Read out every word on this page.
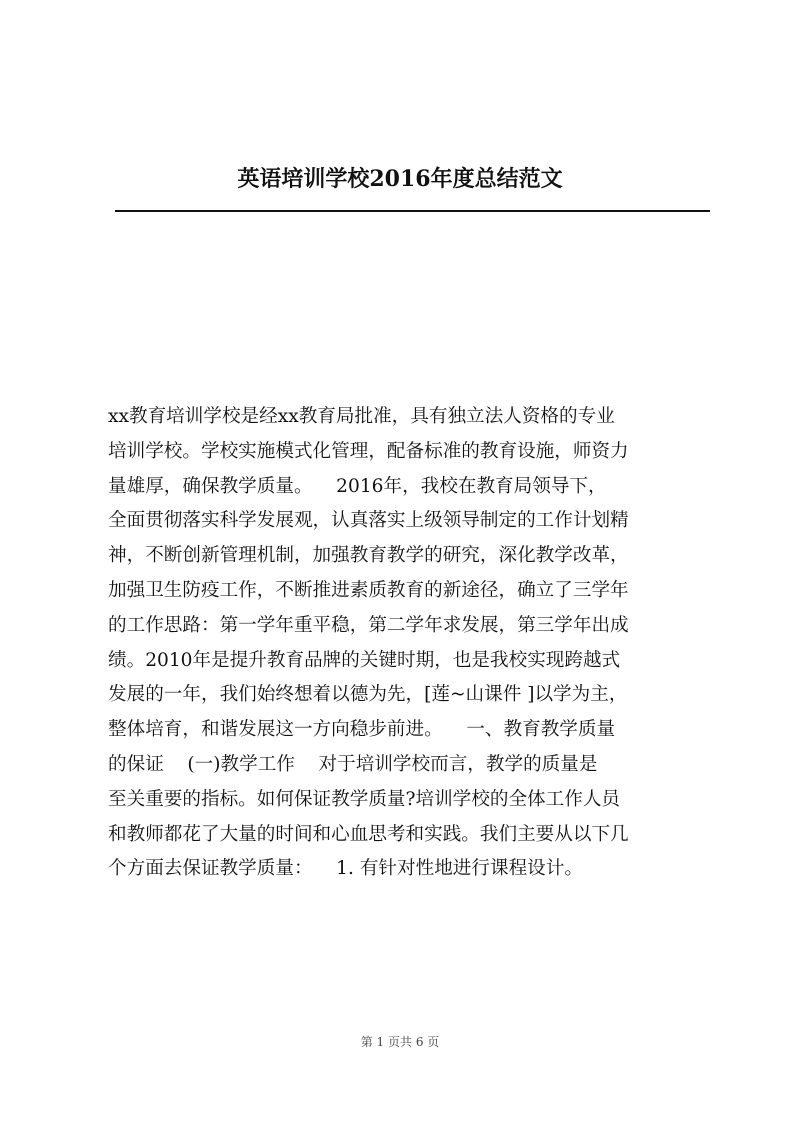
英语培训学校2016年度总结范文
xx教育培训学校是经xx教育局批准，具有独立法人资格的专业
培训学校。学校实施模式化管理，配备标准的教育设施，师资力
量雄厚，确保教学质量。    2016年，我校在教育局领导下，
全面贯彻落实科学发展观，认真落实上级领导制定的工作计划精
神，不断创新管理机制，加强教育教学的研究，深化教学改革，
加强卫生防疫工作，不断推进素质教育的新途径，确立了三学年
的工作思路：第一学年重平稳，第二学年求发展，第三学年出成
绩。2010年是提升教育品牌的关键时期，也是我校实现跨越式
发展的一年，我们始终想着以德为先，[莲~山课件 ]以学为主，
整体培育，和谐发展这一方向稳步前进。    一、教育教学质量
的保证    (一)教学工作    对于培训学校而言，教学的质量是
至关重要的指标。如何保证教学质量?培训学校的全体工作人员
和教师都花了大量的时间和心血思考和实践。我们主要从以下几
个方面去保证教学质量：    1. 有针对性地进行课程设计。
第 1 页共 6 页
